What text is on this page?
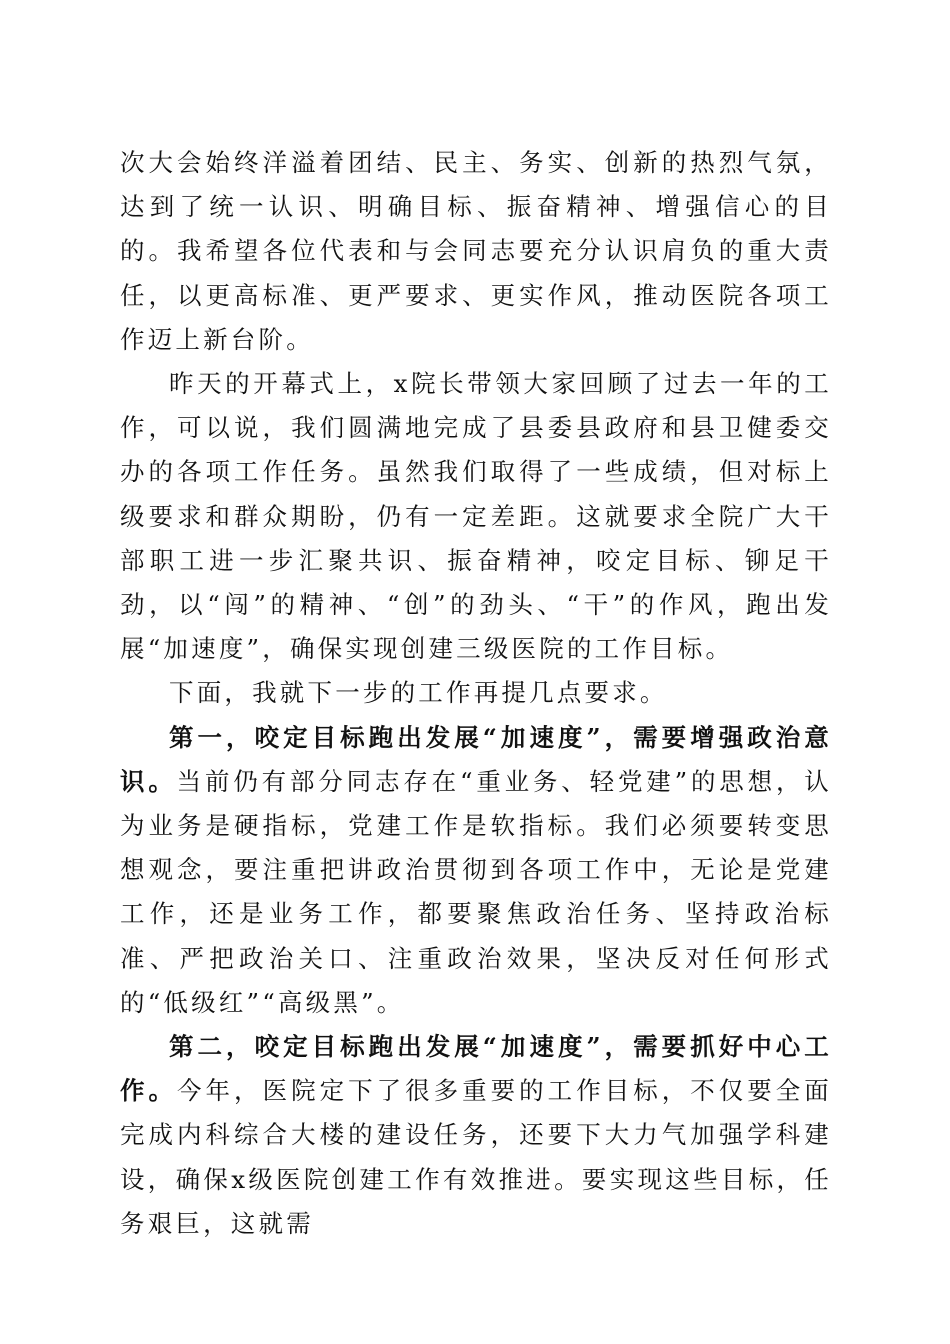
次大会始终洋溢着团结、民主、务实、创新的热烈气氛，达到了统一认识、明确目标、振奋精神、增强信心的目的。我希望各位代表和与会同志要充分认识肩负的重大责任，以更高标准、更严要求、更实作风，推动医院各项工作迈上新台阶。

昨天的开幕式上，x院长带领大家回顾了过去一年的工作，可以说，我们圆满地完成了县委县政府和县卫健委交办的各项工作任务。虽然我们取得了一些成绩，但对标上级要求和群众期盼，仍有一定差距。这就要求全院广大干部职工进一步汇聚共识、振奋精神，咬定目标、铆足干劲，以“闯”的精神、“创”的劲头、“干”的作风，跑出发展“加速度”，确保实现创建三级医院的工作目标。

下面，我就下一步的工作再提几点要求。

第一，咬定目标跑出发展“加速度”，需要增强政治意识。当前仍有部分同志存在“重业务、轻党建”的思想，认为业务是硬指标，党建工作是软指标。我们必须要转变思想观念，要注重把讲政治贯彻到各项工作中，无论是党建工作，还是业务工作，都要聚焦政治任务、坚持政治标准、严把政治关口、注重政治效果，坚决反对任何形式的“低级红”“高级黑”。

第二，咬定目标跑出发展“加速度”，需要抓好中心工作。今年，医院定下了很多重要的工作目标，不仅要全面完成内科综合大楼的建设任务，还要下大力气加强学科建设，确保x级医院创建工作有效推进。要实现这些目标，任务艰巨，这就需
